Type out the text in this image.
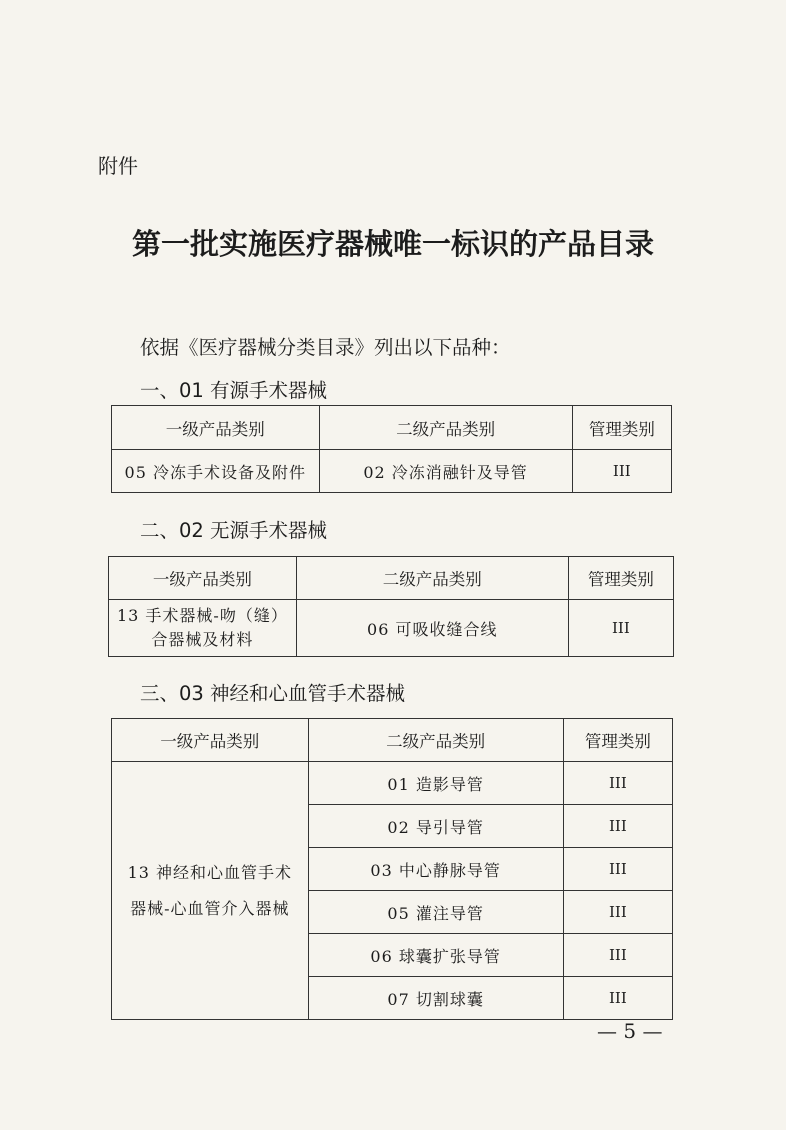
附件
第一批实施医疗器械唯一标识的产品目录
依据《医疗器械分类目录》列出以下品种：
一、01 有源手术器械
一级产品类别	二级产品类别	管理类别
05 冷冻手术设备及附件	02 冷冻消融针及导管	III
二、02 无源手术器械
一级产品类别	二级产品类别	管理类别

13 手术器械-吻（缝）
合器械及材料	06 可吸收缝合线	III
三、03 神经和心血管手术器械
一级产品类别	二级产品类别	管理类别

13 神经和心血管手术
器械-心血管介入器械	01 造影导管	III
	02 导引导管	III
	03 中心静脉导管	III
	05 灌注导管	III
	06 球囊扩张导管	III
	07 切割球囊	III
— 5 —
